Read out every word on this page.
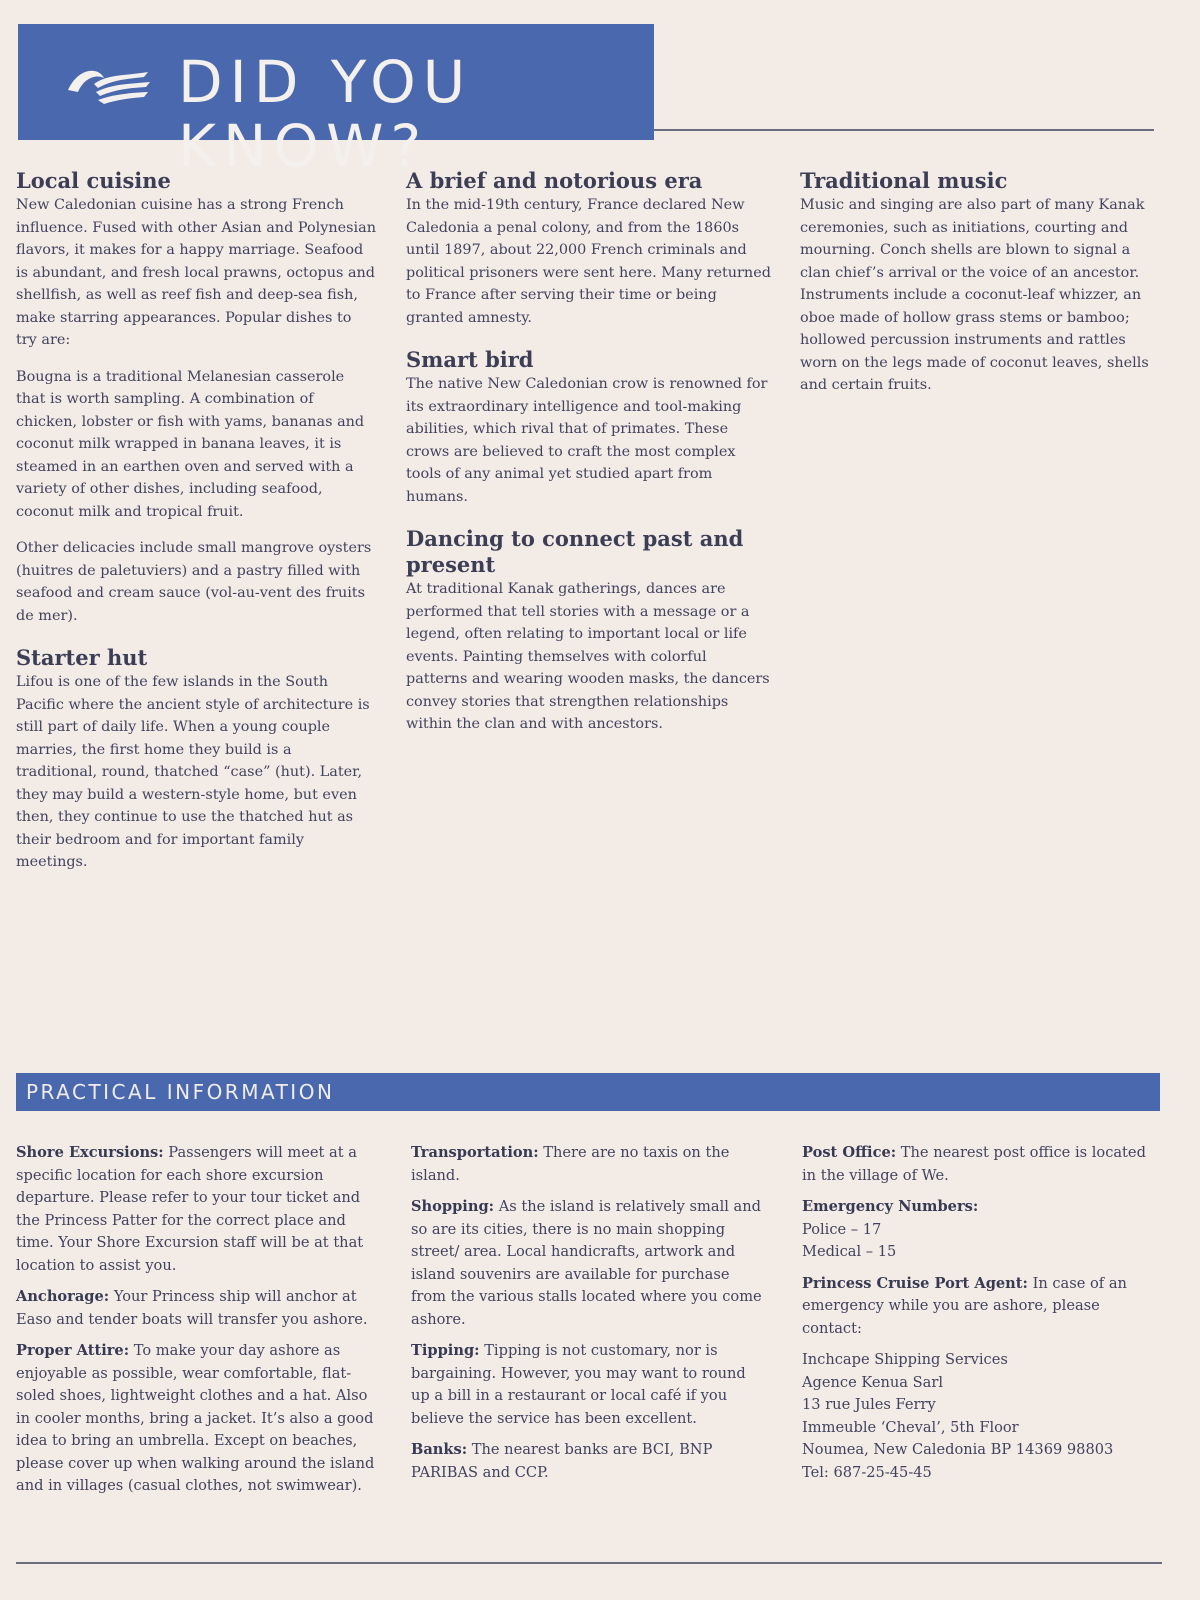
DID YOU KNOW?
Local cuisine

New Caledonian cuisine has a strong French influence. Fused with other Asian and Polynesian flavors, it makes for a happy marriage. Seafood is abundant, and fresh local prawns, octopus and shellfish, as well as reef fish and deep-sea fish, make starring appearances. Popular dishes to try are:

Bougna is a traditional Melanesian casserole that is worth sampling. A combination of chicken, lobster or fish with yams, bananas and coconut milk wrapped in banana leaves, it is steamed in an earthen oven and served with a variety of other dishes, including seafood, coconut milk and tropical fruit.

Other delicacies include small mangrove oysters (huitres de paletuviers) and a pastry filled with seafood and cream sauce (vol-au-vent des fruits de mer).

Starter hut

Lifou is one of the few islands in the South Pacific where the ancient style of architecture is still part of daily life. When a young couple marries, the first home they build is a traditional, round, thatched “case” (hut). Later, they may build a western-style home, but even then, they continue to use the thatched hut as their bedroom and for important family meetings.

A brief and notorious era

In the mid-19th century, France declared New Caledonia a penal colony, and from the 1860s until 1897, about 22,000 French criminals and political prisoners were sent here. Many returned to France after serving their time or being granted amnesty.

Smart bird

The native New Caledonian crow is renowned for its extraordinary intelligence and tool-making abilities, which rival that of primates. These crows are believed to craft the most complex tools of any animal yet studied apart from humans.

Dancing to connect past and present

At traditional Kanak gatherings, dances are performed that tell stories with a message or a legend, often relating to important local or life events. Painting themselves with colorful patterns and wearing wooden masks, the dancers convey stories that strengthen relationships within the clan and with ancestors.

Traditional music

Music and singing are also part of many Kanak ceremonies, such as initiations, courting and mourning. Conch shells are blown to signal a clan chief’s arrival or the voice of an ancestor. Instruments include a coconut-leaf whizzer, an oboe made of hollow grass stems or bamboo; hollowed percussion instruments and rattles worn on the legs made of coconut leaves, shells and certain fruits.

PRACTICAL INFORMATION

Shore Excursions: Passengers will meet at a specific location for each shore excursion departure. Please refer to your tour ticket and the Princess Patter for the correct place and time. Your Shore Excursion staff will be at that location to assist you.

Anchorage: Your Princess ship will anchor at Easo and tender boats will transfer you ashore.

Proper Attire: To make your day ashore as enjoyable as possible, wear comfortable, flat-soled shoes, lightweight clothes and a hat. Also in cooler months, bring a jacket. It’s also a good idea to bring an umbrella. Except on beaches, please cover up when walking around the island and in villages (casual clothes, not swimwear).

Transportation: There are no taxis on the island.

Shopping: As the island is relatively small and so are its cities, there is no main shopping street/ area. Local handicrafts, artwork and island souvenirs are available for purchase from the various stalls located where you come ashore.

Tipping: Tipping is not customary, nor is bargaining. However, you may want to round up a bill in a restaurant or local café if you believe the service has been excellent.

Banks: The nearest banks are BCI, BNP PARIBAS and CCP.

Post Office: The nearest post office is located in the village of We.

Emergency Numbers:
Police – 17
Medical – 15

Princess Cruise Port Agent: In case of an emergency while you are ashore, please contact:

Inchcape Shipping Services
Agence Kenua Sarl
13 rue Jules Ferry
Immeuble ‘Cheval’, 5th Floor
Noumea, New Caledonia BP 14369 98803
Tel: 687-25-45-45
